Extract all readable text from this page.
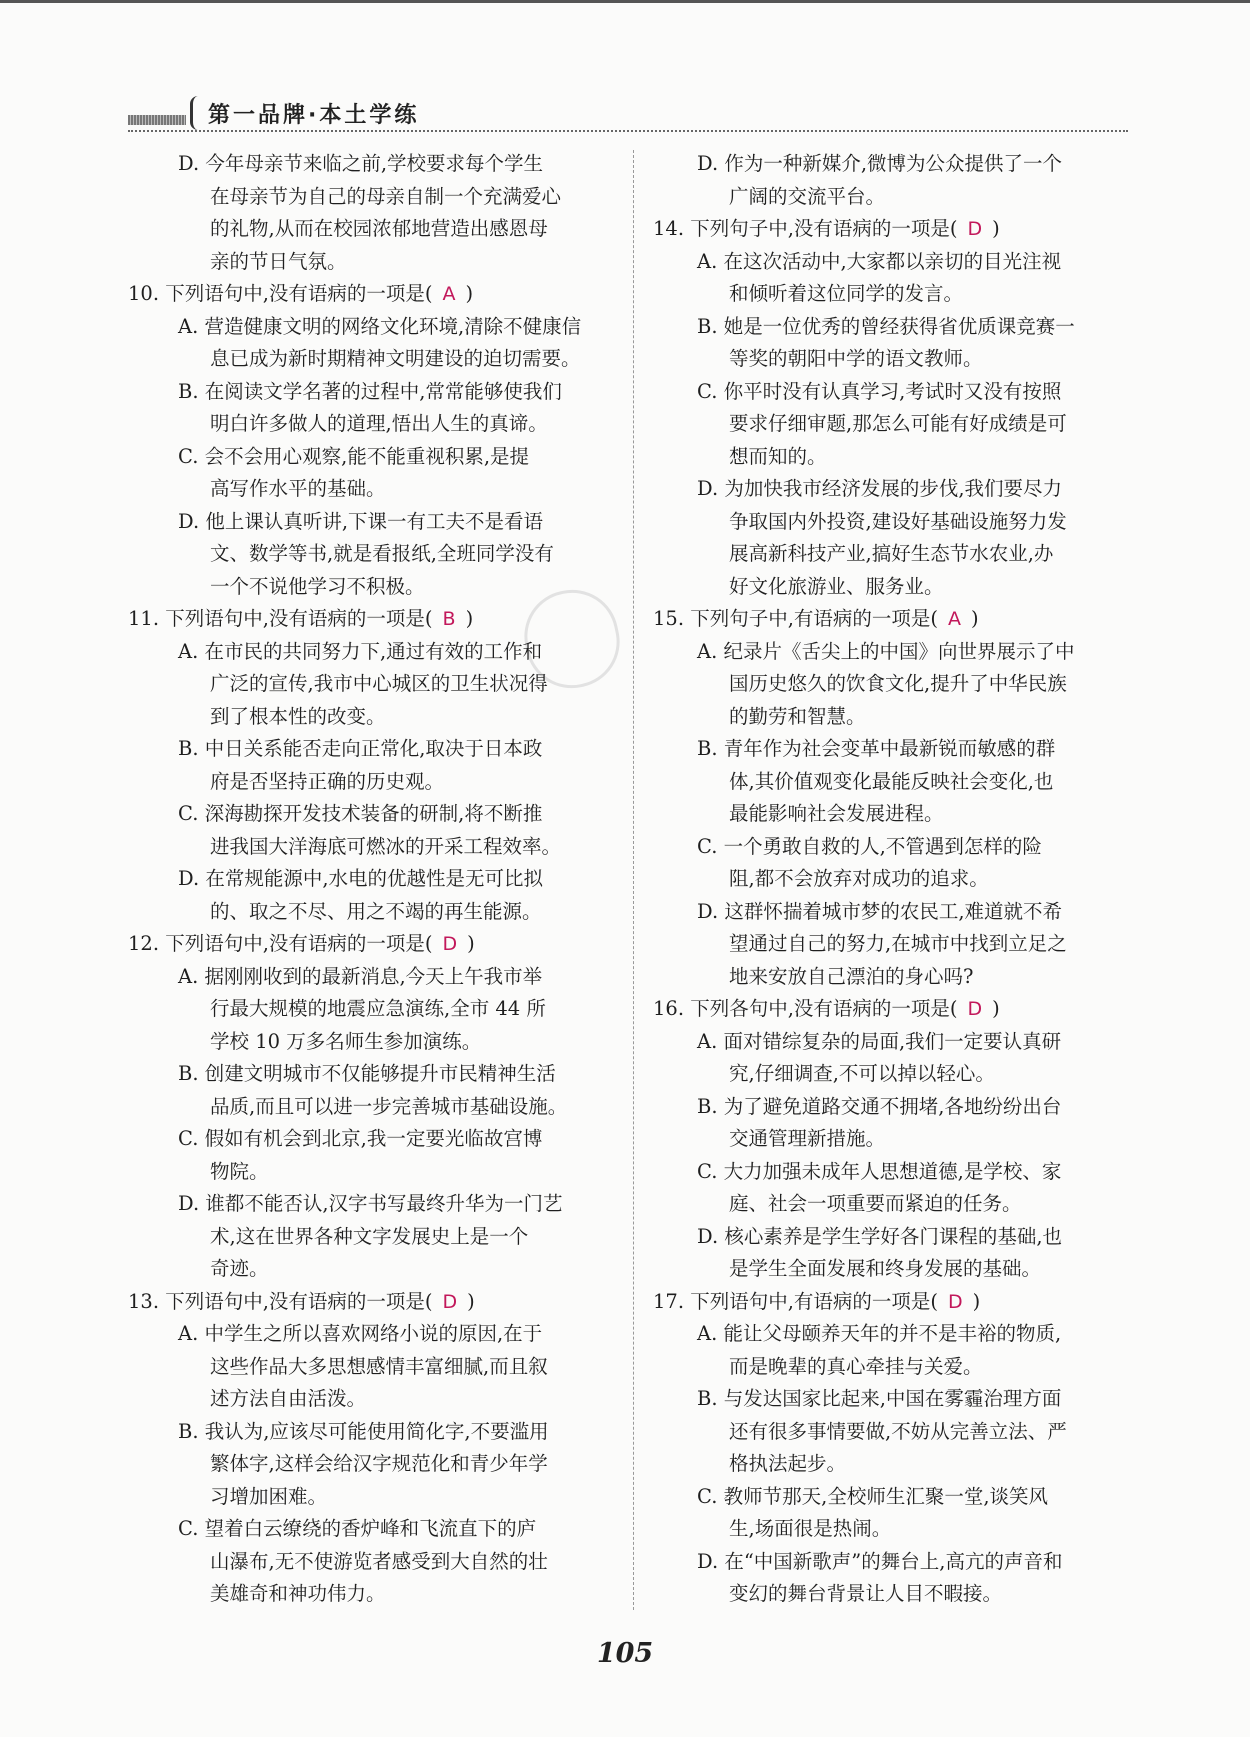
第一品牌·本土学练
D. 今年母亲节来临之前,学校要求每个学生
在母亲节为自己的母亲自制一个充满爱心
的礼物,从而在校园浓郁地营造出感恩母
亲的节日气氛。
10. 下列语句中,没有语病的一项是( A )
A. 营造健康文明的网络文化环境,清除不健康信
息已成为新时期精神文明建设的迫切需要。
B. 在阅读文学名著的过程中,常常能够使我们
明白许多做人的道理,悟出人生的真谛。
C. 会不会用心观察,能不能重视积累,是提
高写作水平的基础。
D. 他上课认真听讲,下课一有工夫不是看语
文、数学等书,就是看报纸,全班同学没有
一个不说他学习不积极。
11. 下列语句中,没有语病的一项是( B )
A. 在市民的共同努力下,通过有效的工作和
广泛的宣传,我市中心城区的卫生状况得
到了根本性的改变。
B. 中日关系能否走向正常化,取决于日本政
府是否坚持正确的历史观。
C. 深海勘探开发技术装备的研制,将不断推
进我国大洋海底可燃冰的开采工程效率。
D. 在常规能源中,水电的优越性是无可比拟
的、取之不尽、用之不竭的再生能源。
12. 下列语句中,没有语病的一项是( D )
A. 据刚刚收到的最新消息,今天上午我市举
行最大规模的地震应急演练,全市 44 所
学校 10 万多名师生参加演练。
B. 创建文明城市不仅能够提升市民精神生活
品质,而且可以进一步完善城市基础设施。
C. 假如有机会到北京,我一定要光临故宫博
物院。
D. 谁都不能否认,汉字书写最终升华为一门艺
术,这在世界各种文字发展史上是一个
奇迹。
13. 下列语句中,没有语病的一项是( D )
A. 中学生之所以喜欢网络小说的原因,在于
这些作品大多思想感情丰富细腻,而且叙
述方法自由活泼。
B. 我认为,应该尽可能使用简化字,不要滥用
繁体字,这样会给汉字规范化和青少年学
习增加困难。
C. 望着白云缭绕的香炉峰和飞流直下的庐
山瀑布,无不使游览者感受到大自然的壮
美雄奇和神功伟力。
D. 作为一种新媒介,微博为公众提供了一个
广阔的交流平台。
14. 下列句子中,没有语病的一项是( D )
A. 在这次活动中,大家都以亲切的目光注视
和倾听着这位同学的发言。
B. 她是一位优秀的曾经获得省优质课竞赛一
等奖的朝阳中学的语文教师。
C. 你平时没有认真学习,考试时又没有按照
要求仔细审题,那怎么可能有好成绩是可
想而知的。
D. 为加快我市经济发展的步伐,我们要尽力
争取国内外投资,建设好基础设施努力发
展高新科技产业,搞好生态节水农业,办
好文化旅游业、服务业。
15. 下列句子中,有语病的一项是( A )
A. 纪录片《舌尖上的中国》向世界展示了中
国历史悠久的饮食文化,提升了中华民族
的勤劳和智慧。
B. 青年作为社会变革中最新锐而敏感的群
体,其价值观变化最能反映社会变化,也
最能影响社会发展进程。
C. 一个勇敢自救的人,不管遇到怎样的险
阻,都不会放弃对成功的追求。
D. 这群怀揣着城市梦的农民工,难道就不希
望通过自己的努力,在城市中找到立足之
地来安放自己漂泊的身心吗?
16. 下列各句中,没有语病的一项是( D )
A. 面对错综复杂的局面,我们一定要认真研
究,仔细调查,不可以掉以轻心。
B. 为了避免道路交通不拥堵,各地纷纷出台
交通管理新措施。
C. 大力加强未成年人思想道德,是学校、家
庭、社会一项重要而紧迫的任务。
D. 核心素养是学生学好各门课程的基础,也
是学生全面发展和终身发展的基础。
17. 下列语句中,有语病的一项是( D )
A. 能让父母颐养天年的并不是丰裕的物质,
而是晚辈的真心牵挂与关爱。
B. 与发达国家比起来,中国在雾霾治理方面
还有很多事情要做,不妨从完善立法、严
格执法起步。
C. 教师节那天,全校师生汇聚一堂,谈笑风
生,场面很是热闹。
D. 在“中国新歌声”的舞台上,高亢的声音和
变幻的舞台背景让人目不暇接。
105
